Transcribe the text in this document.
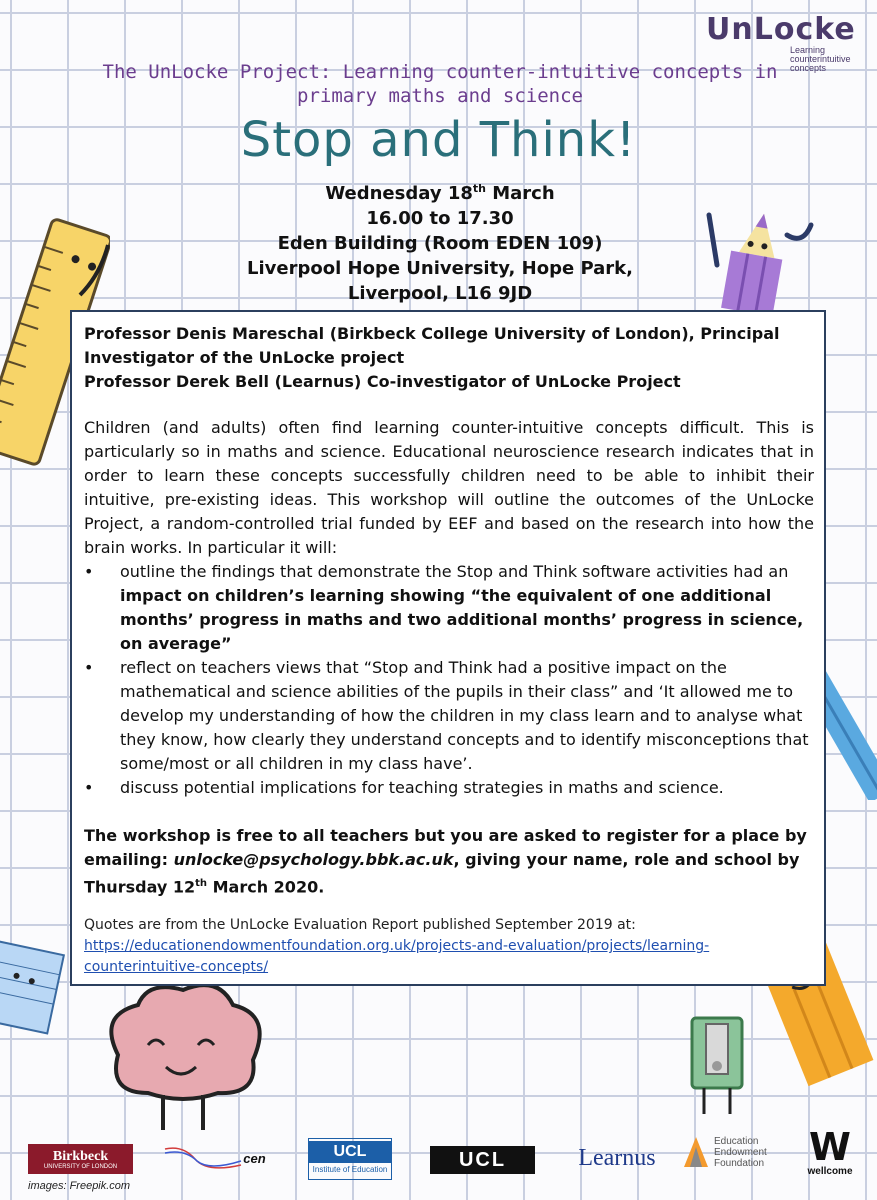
UnLocke
Learning counterintuitive concepts
The UnLocke Project: Learning counter-intuitive concepts in primary maths and science
Stop and Think!
Wednesday 18th March
16.00 to 17.30
Eden Building (Room EDEN 109)
Liverpool Hope University, Hope Park,
Liverpool, L16 9JD

Professor Denis Mareschal (Birkbeck College University of London), Principal Investigator of the UnLocke project

Professor Derek Bell (Learnus) Co-investigator of UnLocke Project

Children (and adults) often find learning counter-intuitive concepts difficult. This is particularly so in maths and science. Educational neuroscience research indicates that in order to learn these concepts successfully children need to be able to inhibit their intuitive, pre-existing ideas. This workshop will outline the outcomes of the UnLocke Project, a random-controlled trial funded by EEF and based on the research into how the brain works. In particular it will:

• outline the findings that demonstrate the Stop and Think software activities had an impact on children’s learning showing “the equivalent of one additional months’ progress in maths and two additional months’ progress in science, on average”
• reflect on teachers views that “Stop and Think had a positive impact on the mathematical and science abilities of the pupils in their class” and ‘It allowed me to develop my understanding of how the children in my class learn and to analyse what they know, how clearly they understand concepts and to identify misconceptions that some/most or all children in my class have’.
• discuss potential implications for teaching strategies in maths and science.

The workshop is free to all teachers but you are asked to register for a place by emailing: unlocke@psychology.bbk.ac.uk, giving your name, role and school by Thursday 12th March 2020.

Quotes are from the UnLocke Evaluation Report published September 2019 at:
https://educationendowmentfoundation.org.uk/projects-and-evaluation/projects/learning-counterintuitive-concepts/

Birkbeck
UNIVERSITY OF LONDON
cen	UCL
Institute of Education	UCL	Learnus
Education
Endowment
Foundation W
wellcome
images: Freepik.com
